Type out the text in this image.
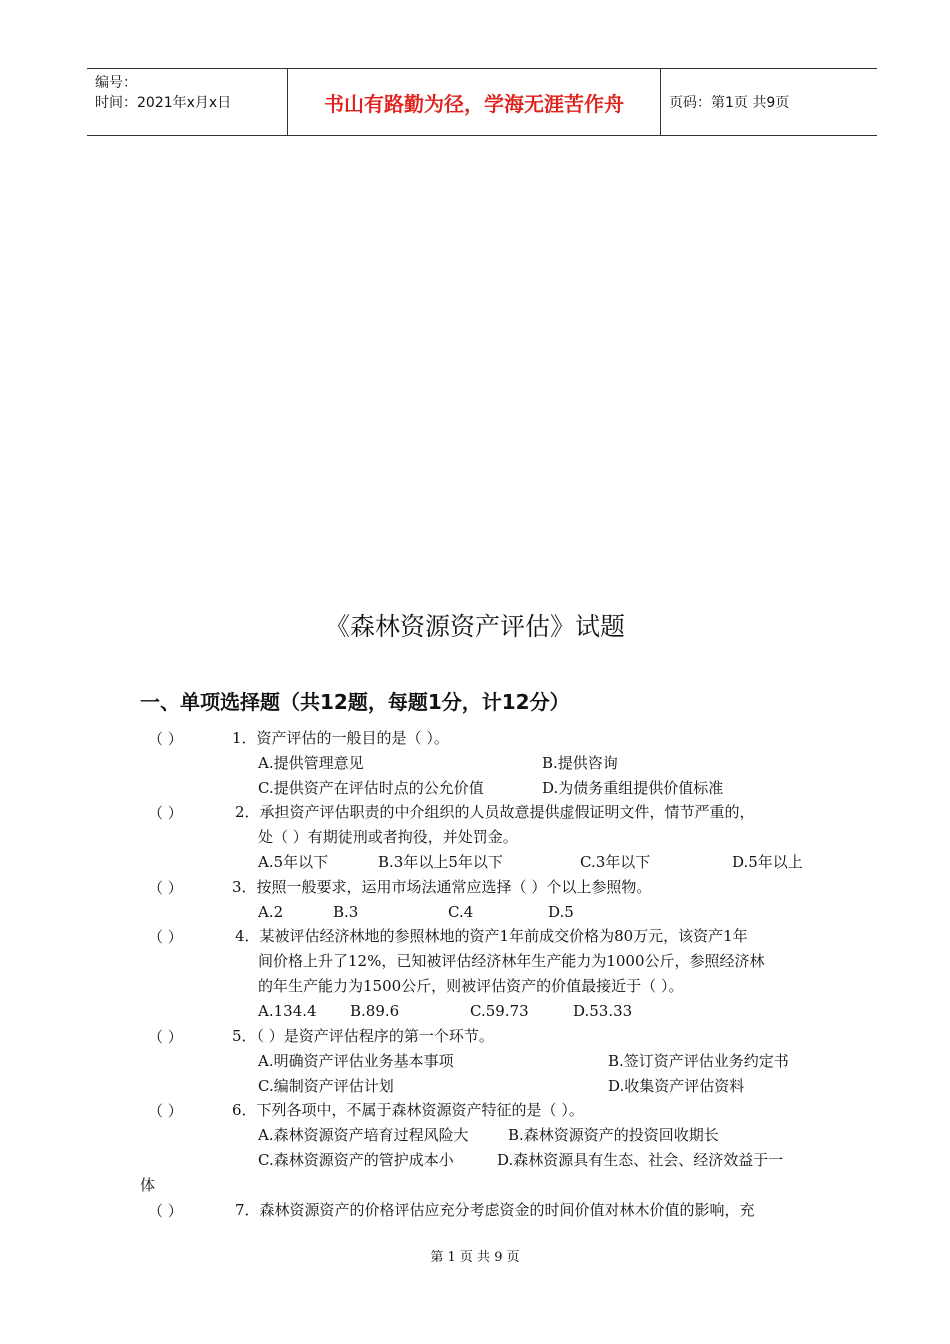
编号：
时间：2021年x月x日	书山有路勤为径，学海无涯苦作舟	页码：第1页 共9页
《森林资源资产评估》试题
一、单项选择题（共12题，每题1分，计12分）
（ ）	1．资产评估的一般目的是（ ）。
A.提供管理意见	B.提供咨询
C.提供资产在评估时点的公允价值	D.为债务重组提供价值标准
（ ）	2．承担资产评估职责的中介组织的人员故意提供虚假证明文件，情节严重的，
处（ ）有期徒刑或者拘役，并处罚金。
A.5年以下	B.3年以上5年以下	C.3年以下	D.5年以上
（ ）	3．按照一般要求，运用市场法通常应选择（ ）个以上参照物。
A.2	B.3	C.4	D.5
（ ）	4．某被评估经济林地的参照林地的资产1年前成交价格为80万元，该资产1年
间价格上升了12%，已知被评估经济林年生产能力为1000公斤，参照经济林
的年生产能力为1500公斤，则被评估资产的价值最接近于（ ）。
A.134.4 B.89.6	C.59.73	D.53.33
（ ）	5．（ ）是资产评估程序的第一个环节。
A.明确资产评估业务基本事项	B.签订资产评估业务约定书
C.编制资产评估计划	D.收集资产评估资料
（ ）	6．下列各项中，不属于森林资源资产特征的是（ ）。
A.森林资源资产培育过程风险大	B.森林资源资产的投资回收期长
C.森林资源资产的管护成本小	D.森林资源具有生态、社会、经济效益于一
体
（ ）	7．森林资源资产的价格评估应充分考虑资金的时间价值对林木价值的影响，充
第 1 页 共 9 页
